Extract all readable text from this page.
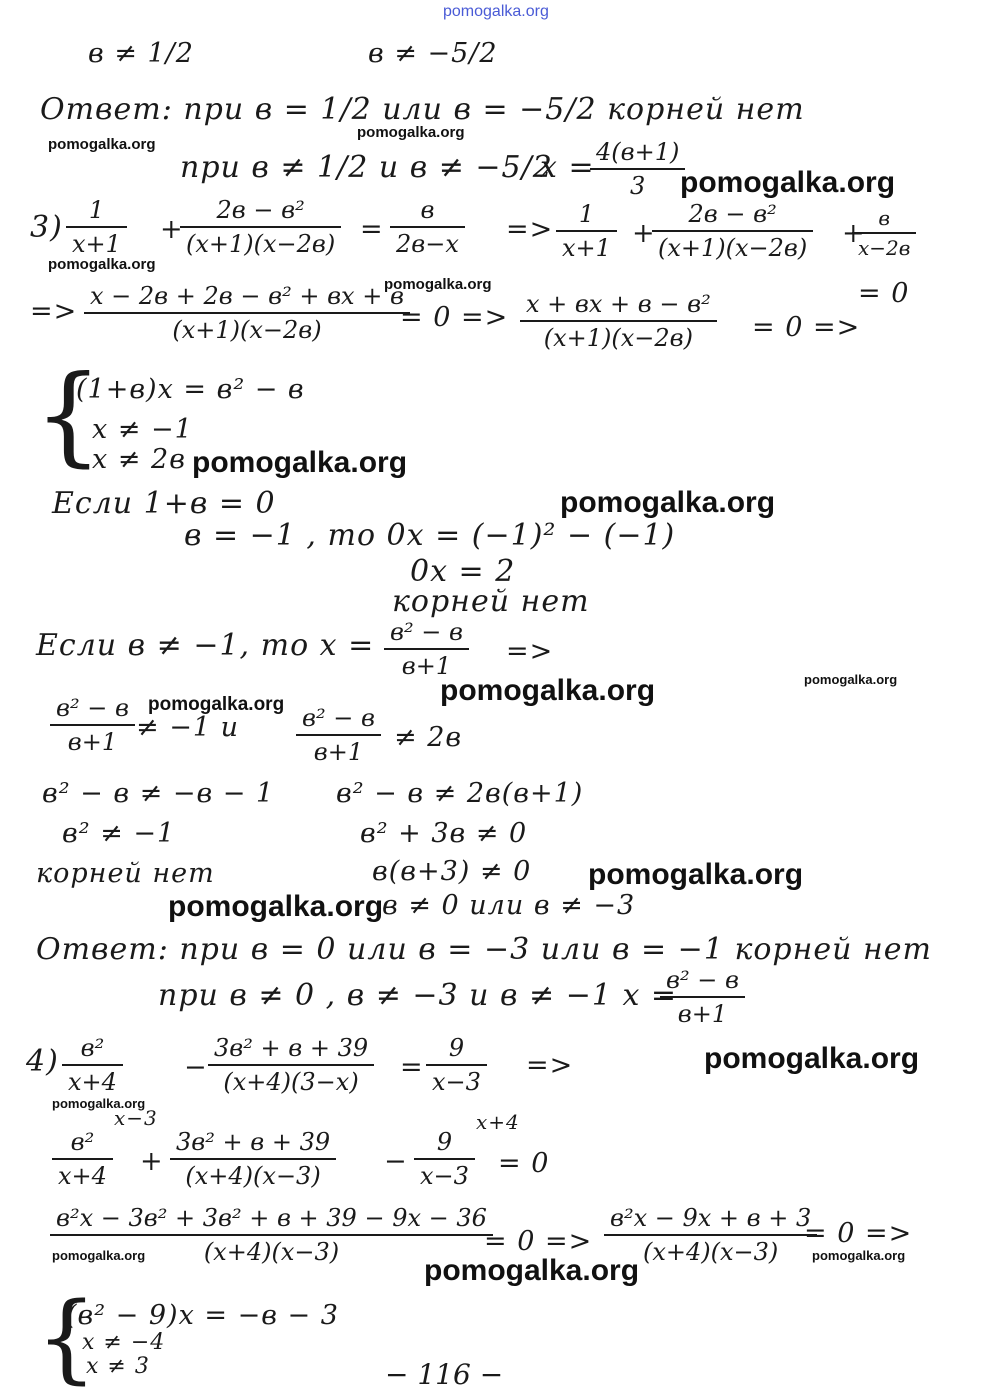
pomogalka.org
в ≠ 1/2	в ≠ −5/2
Ответ: при в = 1/2 или в = −5/2 корней нет
при в ≠ 1/2 и в ≠ −5/2
x = 4(в+1)
3
$3) \frac{1}{x+1}$ +
2в − в²
(x+1)(x−2в) =
в
$2в-x => \frac{1}{x+1}$ +
2в − в²
(x+1)(x−2в) + в
x−2в
= 0
=> x − 2в + 2в − в² + вx + в
(x+1)(x−2в)	= 0 => x + вx + в − в²
(x+1)(x−2в)	= 0 =>
{
(1+в)x = в² − в
x ≠ −1
x ≠ 2в
Если 1+в = 0
в = −1 , то 0x = (−1)² − (−1)
0x = 2
корней нет
Если в ≠ −1, то x = в² − в
в+1	=>
в² − в
в+1 ≠ −1 и	в² − в
в+1	≠ 2в
в² − в ≠ −в − 1 в² − в ≠ 2в(в+1)
в² ≠ −1	в² + 3в ≠ 0
корней нет	в(в+3) ≠ 0
в ≠ 0 или в ≠ −3
Ответ: при в = 0 или в = −3 или в = −1 корней нет
при в ≠ 0 , в ≠ −3 и в ≠ −1 x =
в² − в
в+1
4) в²
x+4 −
3в² + в + 39
(x+4)(3−x)	= $\frac{9}{x-3}$ =>
x−3	x+4
в²
x+4 +
3в² + в + 39
(x+4)(x−3)	− $\frac{9}{x-3} = 0$
в²x − 3в² + 3в² + в + 39 − 9x − 36
(x+4)(x−3)	= 0 =>
в²x − 9x + в + 3
(x+4)(x−3)
= 0 =>
{
(в² − 9)x = −в − 3
x ≠ −4
x ≠ 3	− 116 −
pomogalka.org
pomogalka.org
pomogalka.org
pomogalka.org
pomogalka.org
pomogalka.org
pomogalka.org
pomogalka.org	pomogalka.org
pomogalka.org
pomogalka.org
pomogalka.org
pomogalka.org
pomogalka.org
pomogalka.org	pomogalka.org
pomogalka.org
